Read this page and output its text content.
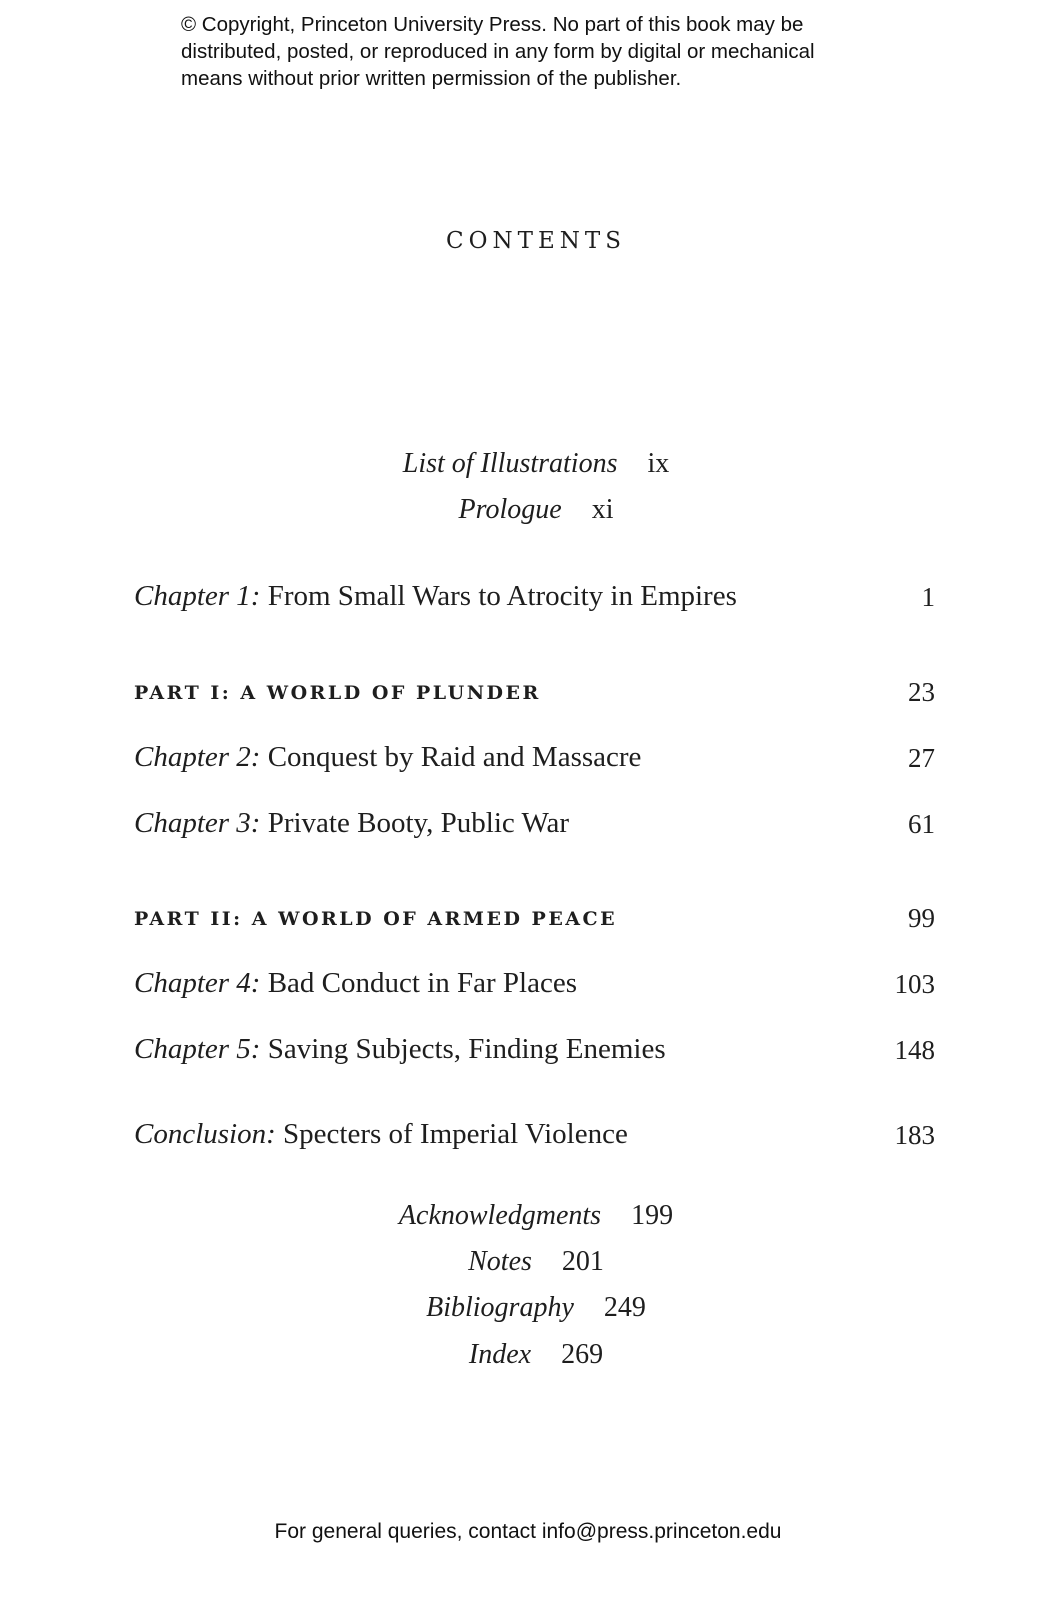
© Copyright, Princeton University Press. No part of this book may be
distributed, posted, or reproduced in any form by digital or mechanical
means without prior written permission of the publisher.
CONTENTS
List of Illustrations ix
Prologue xi
Chapter 1: From Small Wars to Atrocity in Empires	1
PART I: A WORLD OF PLUNDER	23
Chapter 2: Conquest by Raid and Massacre	27
Chapter 3: Private Booty, Public War	61
PART II: A WORLD OF ARMED PEACE	99
Chapter 4: Bad Conduct in Far Places	103
Chapter 5: Saving Subjects, Finding Enemies	148
Conclusion: Specters of Imperial Violence	183
Acknowledgments 199
Notes 201
Bibliography 249
Index 269
For general queries, contact info@press.princeton.edu
